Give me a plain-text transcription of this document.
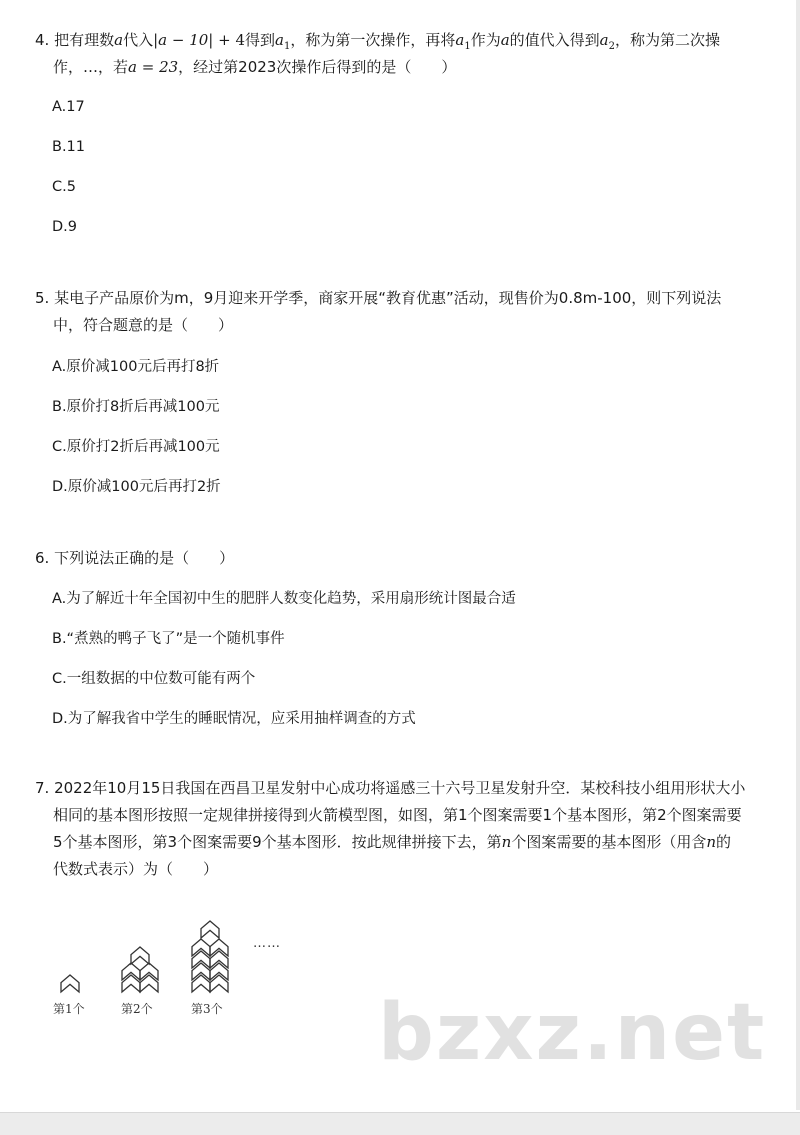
4. 把有理数a代入|a − 10| + 4得到$a_1$，称为第一次操作，再将$a_1$作为a的值代入得到$a_2$，称为第二次操
作，…，若a = 23，经过第2023次操作后得到的是（　　）
A.17
B.11
C.5
D.9
5. 某电子产品原价为m，9月迎来开学季，商家开展“教育优惠”活动，现售价为0.8m-100，则下列说法
中，符合题意的是（　　）
A.原价减100元后再打8折
B.原价打8折后再减100元
C.原价打2折后再减100元
D.原价减100元后再打2折
6. 下列说法正确的是（　　）
A.为了解近十年全国初中生的肥胖人数变化趋势，采用扇形统计图最合适
B.“煮熟的鸭子飞了”是一个随机事件
C.一组数据的中位数可能有两个
D.为了解我省中学生的睡眠情况，应采用抽样调查的方式
7. 2022年10月15日我国在西昌卫星发射中心成功将遥感三十六号卫星发射升空．某校科技小组用形状大小
相同的基本图形按照一定规律拼接得到火箭模型图，如图，第1个图案需要1个基本图形，第2个图案需要
5个基本图形，第3个图案需要9个基本图形．按此规律拼接下去，第n个图案需要的基本图形（用含n的
代数式表示）为（　　）
第1个	第2个	第3个
……
bzxz.net
